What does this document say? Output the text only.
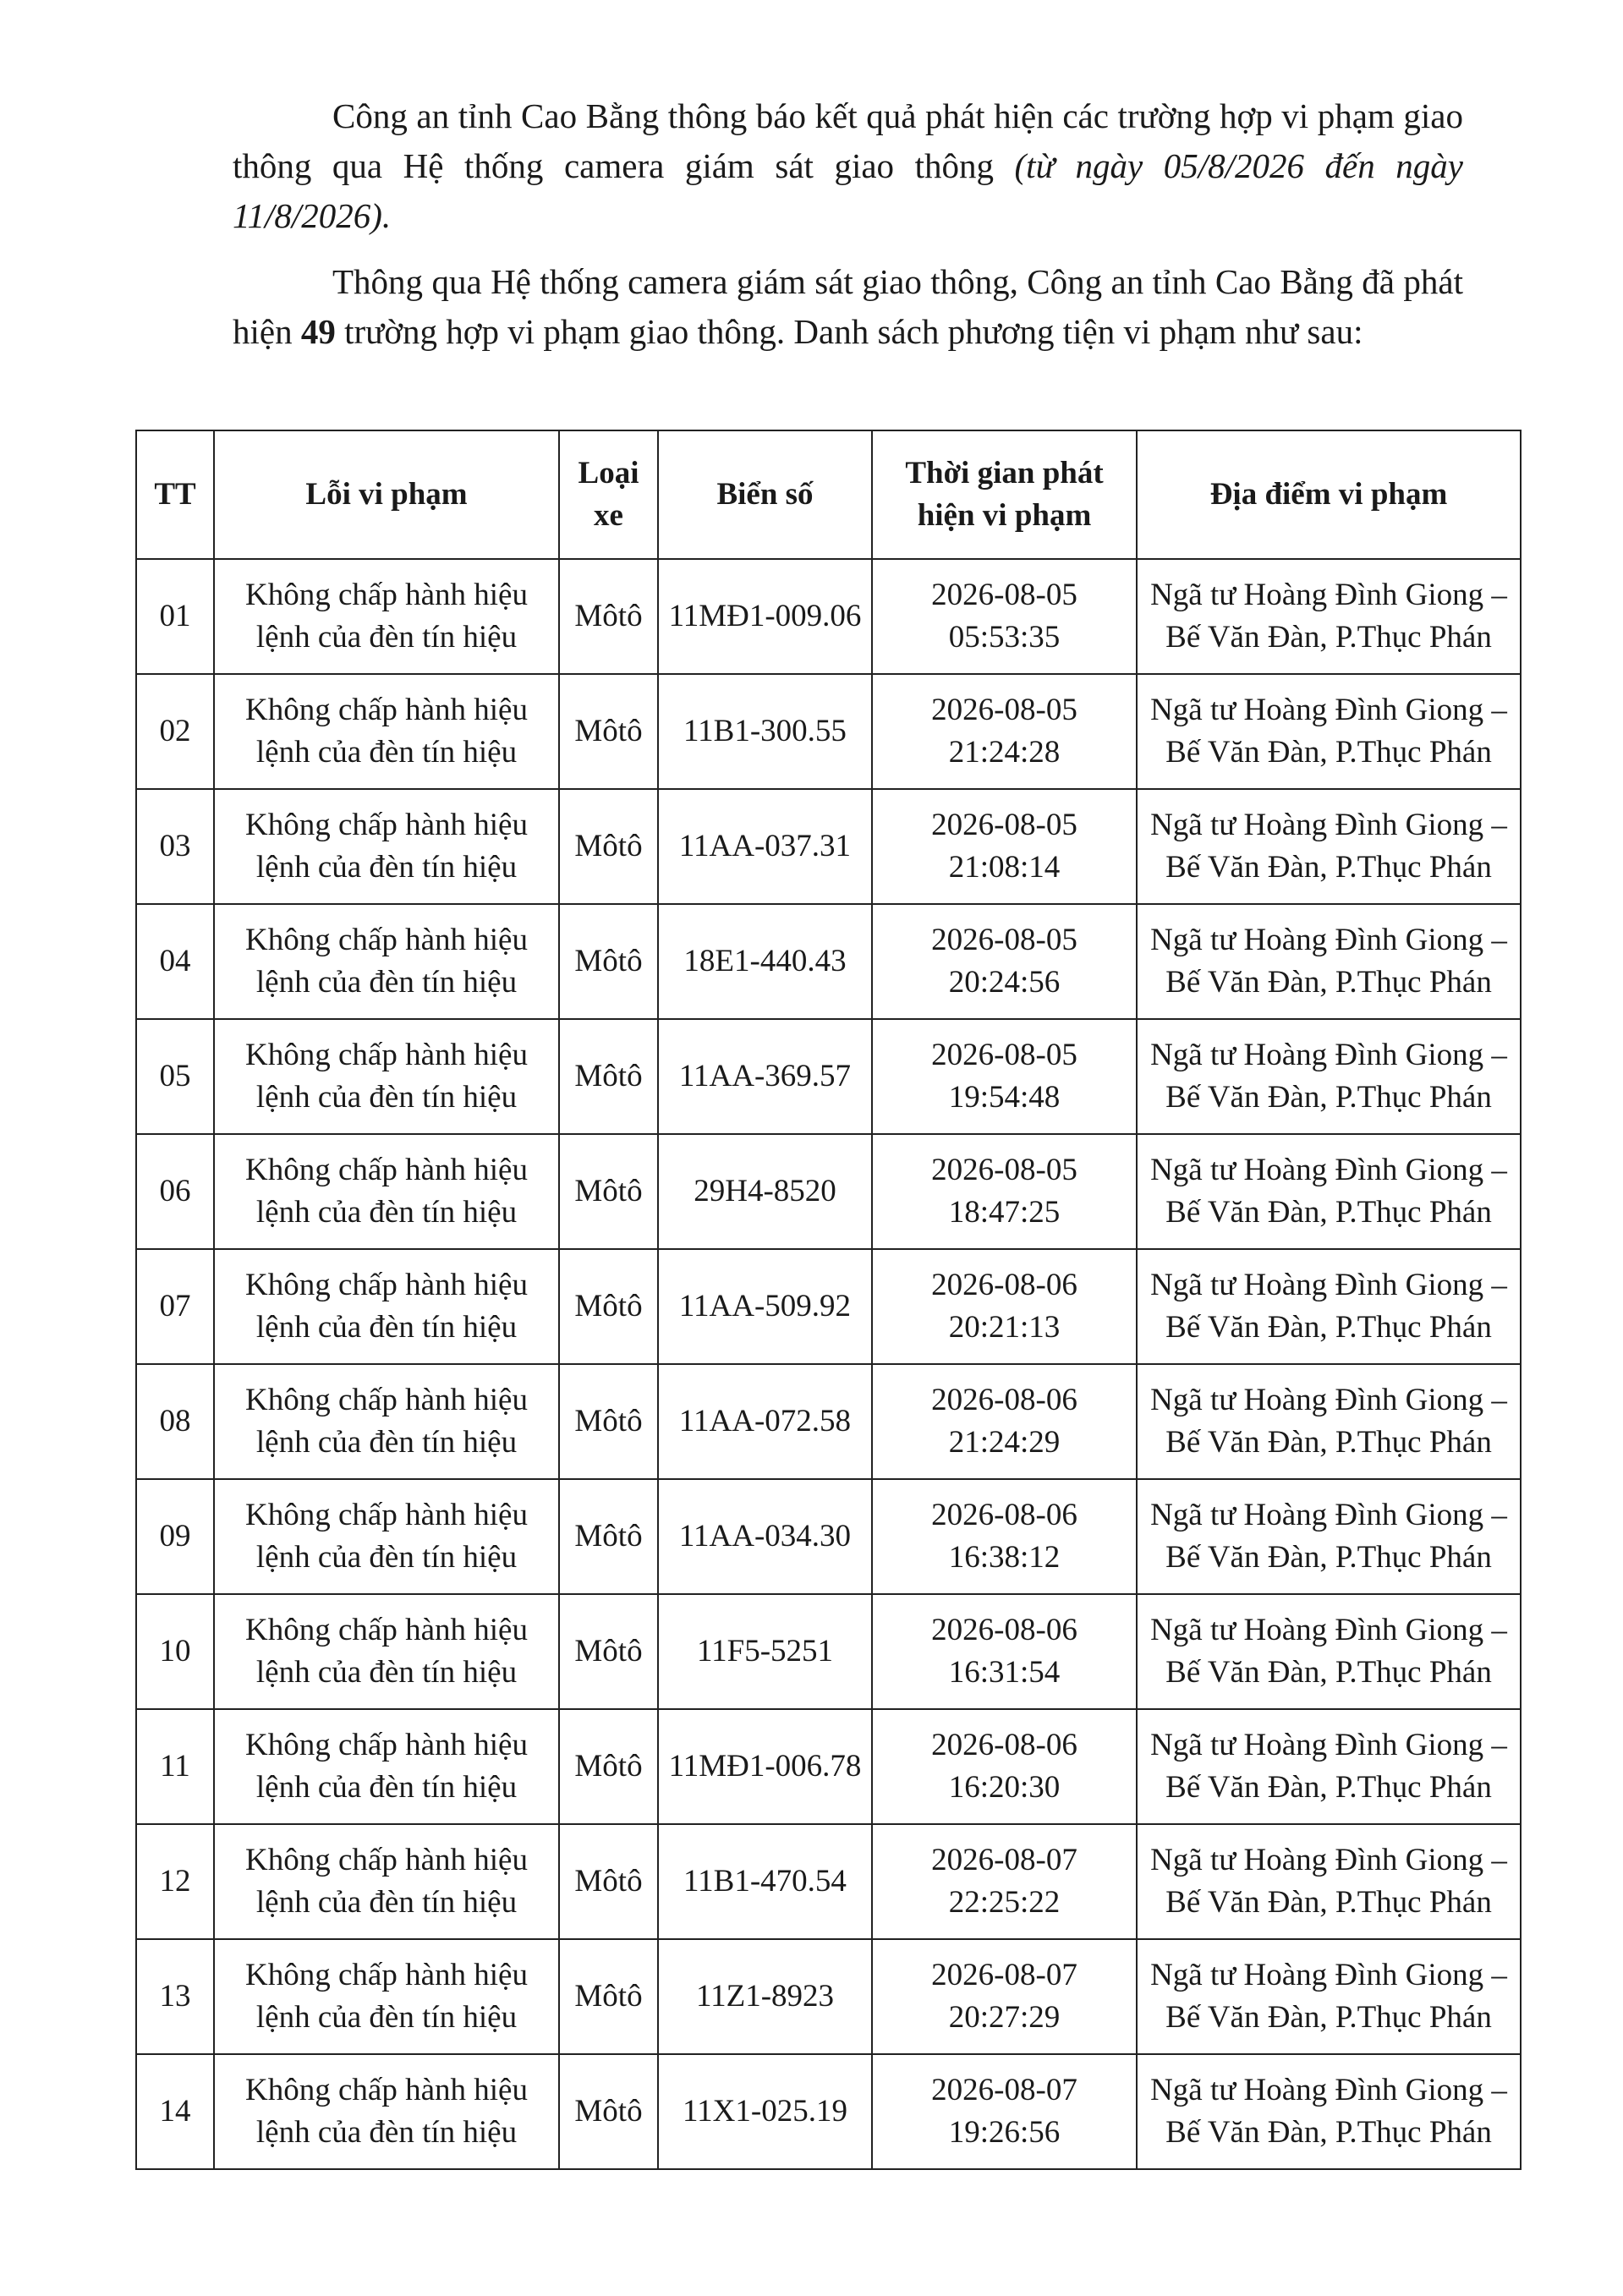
Công an tỉnh Cao Bằng thông báo kết quả phát hiện các trường hợp vi phạm giao thông qua Hệ thống camera giám sát giao thông (từ ngày 05/8/2026 đến ngày 11/8/2026).

Thông qua Hệ thống camera giám sát giao thông, Công an tỉnh Cao Bằng đã phát hiện 49 trường hợp vi phạm giao thông. Danh sách phương tiện vi phạm như sau:

TT	Lỗi vi phạm	Loại xe	Biển số	Thời gian phát hiện vi phạm	Địa điểm vi phạm
01	Không chấp hành hiệu lệnh của đèn tín hiệu	Môtô	11MĐ1-009.06	2026-08-05 05:53:35	Ngã tư Hoàng Đình Giong – Bế Văn Đàn, P.Thục Phán
02	Không chấp hành hiệu lệnh của đèn tín hiệu	Môtô	11B1-300.55	2026-08-05 21:24:28	Ngã tư Hoàng Đình Giong – Bế Văn Đàn, P.Thục Phán
03	Không chấp hành hiệu lệnh của đèn tín hiệu	Môtô	11AA-037.31	2026-08-05 21:08:14	Ngã tư Hoàng Đình Giong – Bế Văn Đàn, P.Thục Phán
04	Không chấp hành hiệu lệnh của đèn tín hiệu	Môtô	18E1-440.43	2026-08-05 20:24:56	Ngã tư Hoàng Đình Giong – Bế Văn Đàn, P.Thục Phán
05	Không chấp hành hiệu lệnh của đèn tín hiệu	Môtô	11AA-369.57	2026-08-05 19:54:48	Ngã tư Hoàng Đình Giong – Bế Văn Đàn, P.Thục Phán
06	Không chấp hành hiệu lệnh của đèn tín hiệu	Môtô	29H4-8520	2026-08-05 18:47:25	Ngã tư Hoàng Đình Giong – Bế Văn Đàn, P.Thục Phán
07	Không chấp hành hiệu lệnh của đèn tín hiệu	Môtô	11AA-509.92	2026-08-06 20:21:13	Ngã tư Hoàng Đình Giong – Bế Văn Đàn, P.Thục Phán
08	Không chấp hành hiệu lệnh của đèn tín hiệu	Môtô	11AA-072.58	2026-08-06 21:24:29	Ngã tư Hoàng Đình Giong – Bế Văn Đàn, P.Thục Phán
09	Không chấp hành hiệu lệnh của đèn tín hiệu	Môtô	11AA-034.30	2026-08-06 16:38:12	Ngã tư Hoàng Đình Giong – Bế Văn Đàn, P.Thục Phán
10	Không chấp hành hiệu lệnh của đèn tín hiệu	Môtô	11F5-5251	2026-08-06 16:31:54	Ngã tư Hoàng Đình Giong – Bế Văn Đàn, P.Thục Phán
11	Không chấp hành hiệu lệnh của đèn tín hiệu	Môtô	11MĐ1-006.78	2026-08-06 16:20:30	Ngã tư Hoàng Đình Giong – Bế Văn Đàn, P.Thục Phán
12	Không chấp hành hiệu lệnh của đèn tín hiệu	Môtô	11B1-470.54	2026-08-07 22:25:22	Ngã tư Hoàng Đình Giong – Bế Văn Đàn, P.Thục Phán
13	Không chấp hành hiệu lệnh của đèn tín hiệu	Môtô	11Z1-8923	2026-08-07 20:27:29	Ngã tư Hoàng Đình Giong – Bế Văn Đàn, P.Thục Phán
14	Không chấp hành hiệu lệnh của đèn tín hiệu	Môtô	11X1-025.19	2026-08-07 19:26:56	Ngã tư Hoàng Đình Giong – Bế Văn Đàn, P.Thục Phán
